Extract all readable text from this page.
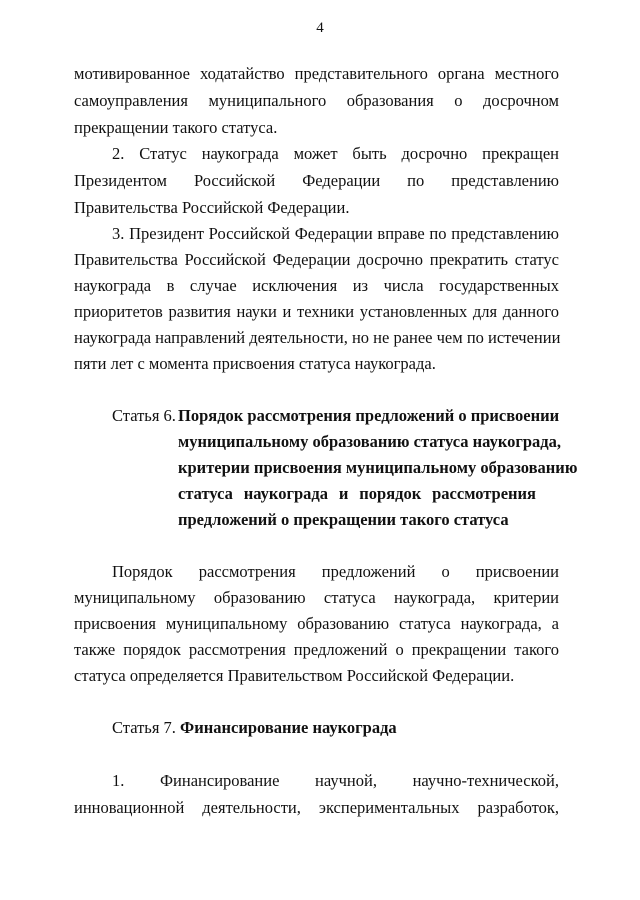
4
мотивированное ходатайство представительного органа местного
самоуправления муниципального образования о досрочном
прекращении такого статуса.
2. Статус наукограда может быть досрочно прекращен
Президентом Российской Федерации по представлению
Правительства Российской Федерации.
3. Президент Российской Федерации вправе по представлению
Правительства Российской Федерации досрочно прекратить статус
наукограда в случае исключения из числа государственных
приоритетов развития науки и техники установленных для данного
наукограда направлений деятельности, но не ранее чем по истечении
пяти лет с момента присвоения статуса наукограда.
Статья 6. Порядок рассмотрения предложений о присвоении
муниципальному образованию статуса наукограда,
критерии присвоения муниципальному образованию
статуса наукограда и порядок рассмотрения
предложений о прекращении такого статуса
Порядок рассмотрения предложений о присвоении
муниципальному образованию статуса наукограда, критерии
присвоения муниципальному образованию статуса наукограда, а
также порядок рассмотрения предложений о прекращении такого
статуса определяется Правительством Российской Федерации.
Статья 7. Финансирование наукограда
1. Финансирование научной, научно-технической,
инновационной деятельности, экспериментальных разработок,
